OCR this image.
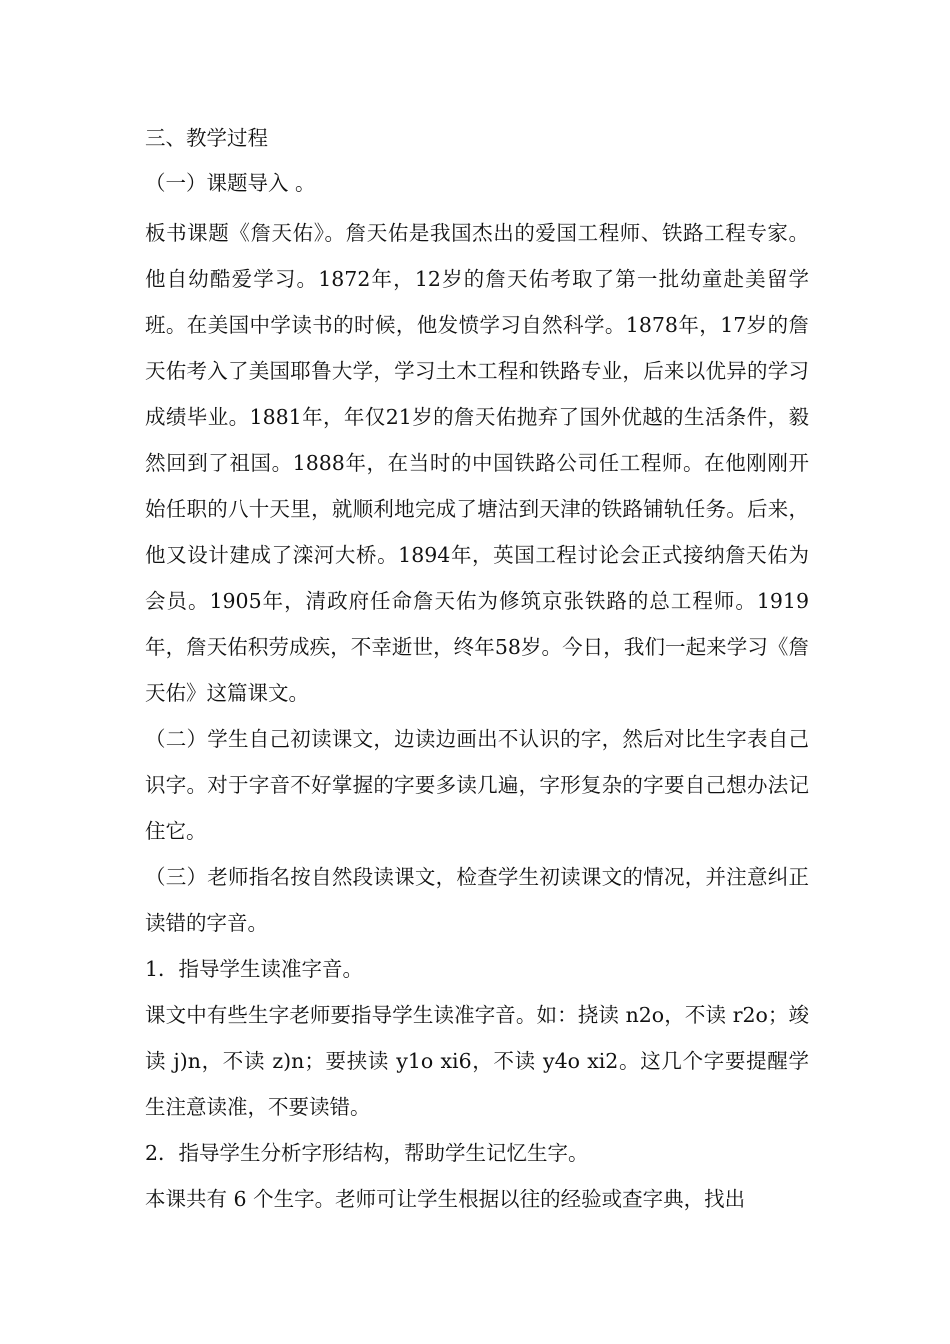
三、教学过程
（一）课题导入 。

板书课题《詹天佑》。詹天佑是我国杰出的爱国工程师、铁路工程专家。他自幼酷爱学习。1872年，12岁的詹天佑考取了第一批幼童赴美留学班。在美国中学读书的时候，他发愤学习自然科学。1878年，17岁的詹天佑考入了美国耶鲁大学，学习土木工程和铁路专业，后来以优异的学习成绩毕业。1881年，年仅21岁的詹天佑抛弃了国外优越的生活条件，毅然回到了祖国。1888年，在当时的中国铁路公司任工程师。在他刚刚开始任职的八十天里，就顺利地完成了塘沽到天津的铁路铺轨任务。后来，他又设计建成了滦河大桥。1894年，英国工程讨论会正式接纳詹天佑为会员。1905年，清政府任命詹天佑为修筑京张铁路的总工程师。1919年，詹天佑积劳成疾，不幸逝世，终年58岁。今日，我们一起来学习《詹天佑》这篇课文。

（二）学生自己初读课文，边读边画出不认识的字，然后对比生字表自己识字。对于字音不好掌握的字要多读几遍，字形复杂的字要自己想办法记住它。

（三）老师指名按自然段读课文，检查学生初读课文的情况，并注意纠正读错的字音。

1．指导学生读准字音。

课文中有些生字老师要指导学生读准字音。如：挠读 n2o，不读 r2o；竣读 j)n，不读 z)n；要挟读 y1o xi6，不读 y4o xi2。这几个字要提醒学生注意读准，不要读错。

2．指导学生分析字形结构，帮助学生记忆生字。

本课共有 6 个生字。老师可让学生根据以往的经验或查字典，找出
